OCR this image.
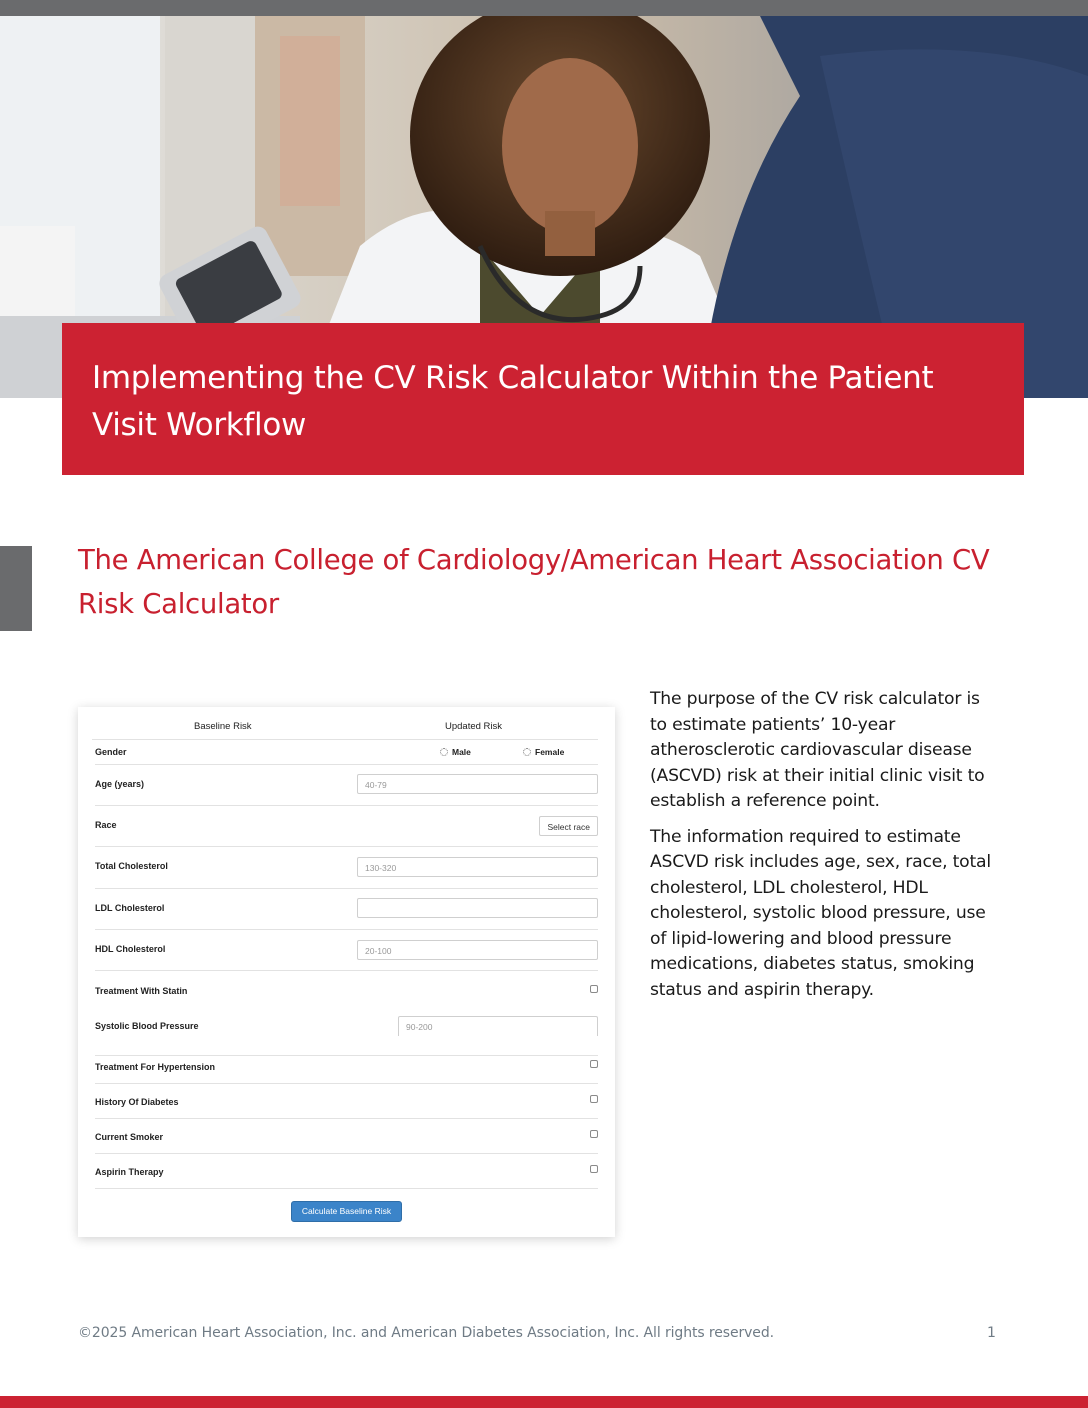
Implementing the CV Risk Calculator Within the Patient Visit Workflow
The American College of Cardiology/American Heart Association CV Risk Calculator
Baseline Risk	Updated Risk
Gender	Male	Female
Age (years)	40-79
Race	Select race
Total Cholesterol	130-320
LDL Cholesterol
HDL Cholesterol	20-100
Treatment With Statin
Systolic Blood Pressure	90-200
Treatment For Hypertension
History Of Diabetes
Current Smoker
Aspirin Therapy
Calculate Baseline Risk

The purpose of the CV risk calculator is to estimate patients’ 10-year atherosclerotic cardiovascular disease (ASCVD) risk at their initial clinic visit to establish a reference point.

The information required to estimate ASCVD risk includes age, sex, race, total cholesterol, LDL cholesterol, HDL cholesterol, systolic blood pressure, use of lipid-lowering and blood pressure medications, diabetes status, smoking status and aspirin therapy.

©2025 American Heart Association, Inc. and American Diabetes Association, Inc. All rights reserved.	1
